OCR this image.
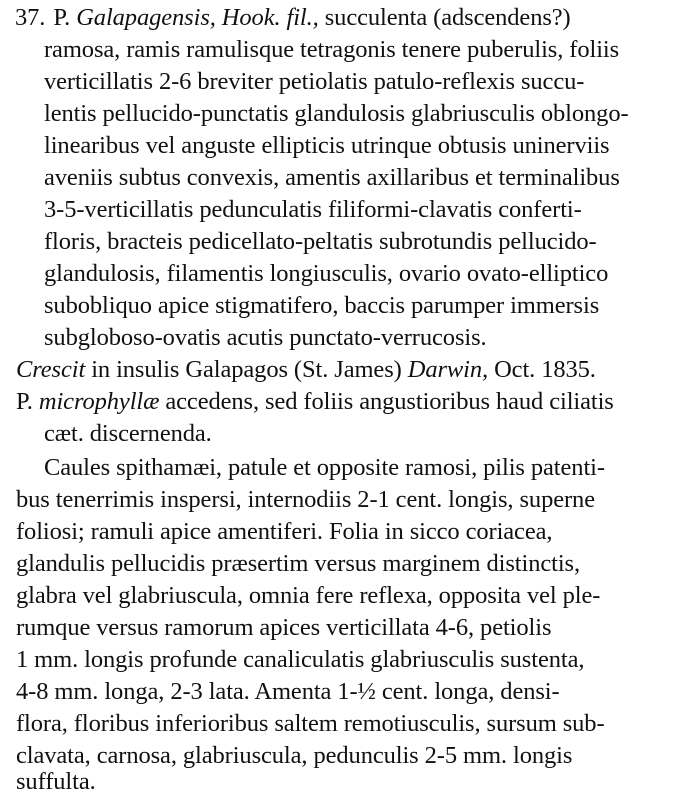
37. P. Galapagensis, Hook. fil., succulenta (adscendens?)
ramosa, ramis ramulisque tetragonis tenere puberulis, foliis
verticillatis 2-6 breviter petiolatis patulo-reflexis succu-
lentis pellucido-punctatis glandulosis glabriusculis oblongo-
linearibus vel anguste ellipticis utrinque obtusis uninerviis
aveniis subtus convexis, amentis axillaribus et terminalibus
3-5-verticillatis pedunculatis filiformi-clavatis conferti-
floris, bracteis pedicellato-peltatis subrotundis pellucido-
glandulosis, filamentis longiusculis, ovario ovato-elliptico
subobliquo apice stigmatifero, baccis parumper immersis
subgloboso-ovatis acutis punctato-verrucosis.
Crescit in insulis Galapagos (St. James) Darwin, Oct. 1835.
P. microphyllæ accedens, sed foliis angustioribus haud ciliatis
cæt. discernenda.
Caules spithamæi, patule et opposite ramosi, pilis patenti-
bus tenerrimis inspersi, internodiis 2-1 cent. longis, superne
foliosi; ramuli apice amentiferi. Folia in sicco coriacea,
glandulis pellucidis præsertim versus marginem distinctis,
glabra vel glabriuscula, omnia fere reflexa, opposita vel ple-
rumque versus ramorum apices verticillata 4-6, petiolis
1 mm. longis profunde canaliculatis glabriusculis sustenta,
4-8 mm. longa, 2-3 lata. Amenta 1-½ cent. longa, densi-
flora, floribus inferioribus saltem remotiusculis, sursum sub-
clavata, carnosa, glabriuscula, pedunculis 2-5 mm. longis
suffulta.
